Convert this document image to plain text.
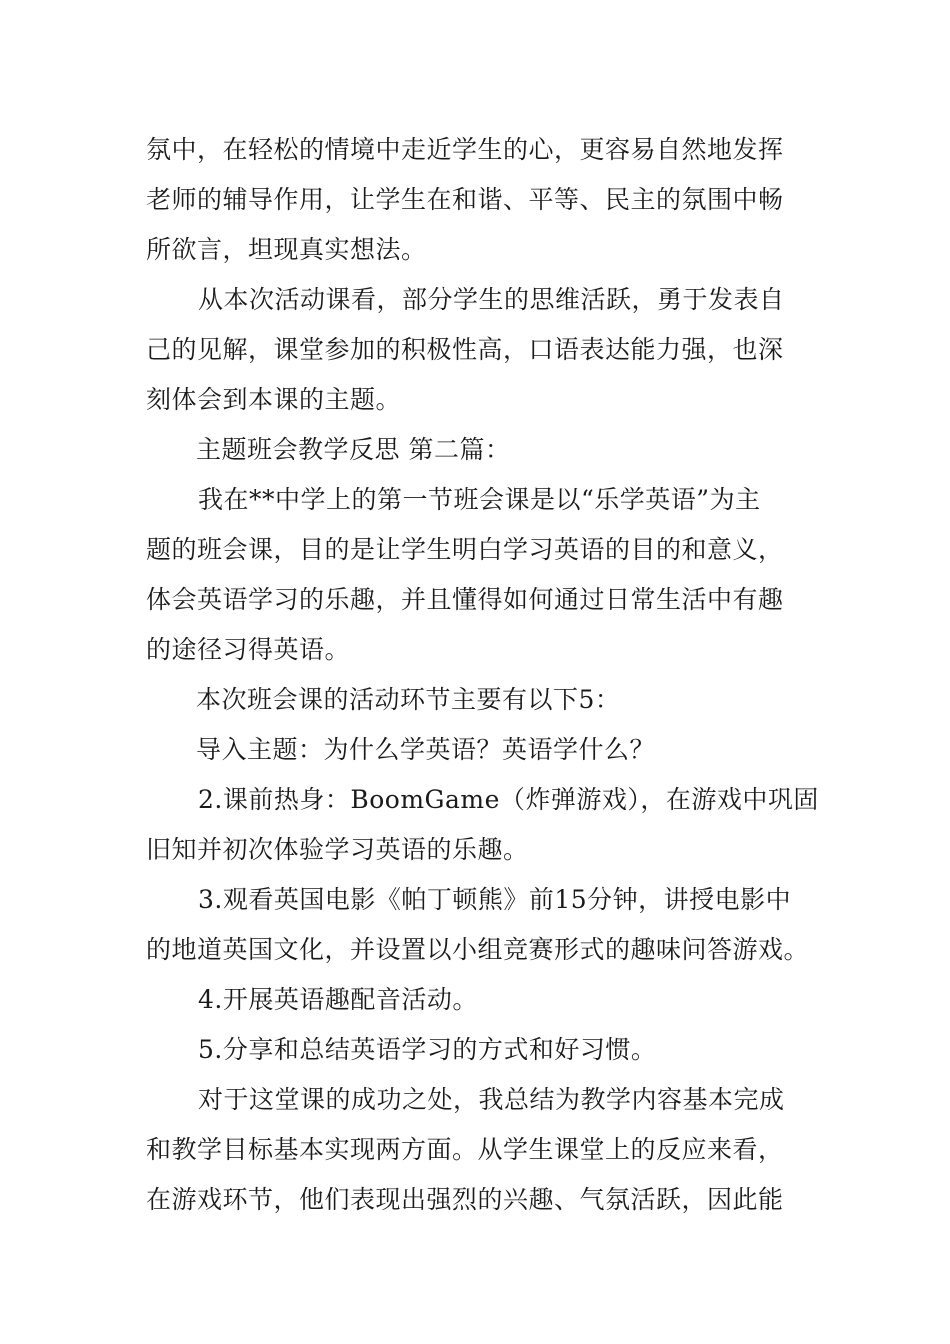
氛中，在轻松的情境中走近学生的心，更容易自然地发挥
老师的辅导作用，让学生在和谐、平等、民主的氛围中畅
所欲言，坦现真实想法。
从本次活动课看，部分学生的思维活跃，勇于发表自
己的见解，课堂参加的积极性高，口语表达能力强，也深
刻体会到本课的主题。
主题班会教学反思 第二篇：
我在**中学上的第一节班会课是以“乐学英语”为主
题的班会课，目的是让学生明白学习英语的目的和意义，
体会英语学习的乐趣，并且懂得如何通过日常生活中有趣
的途径习得英语。
本次班会课的活动环节主要有以下5：
导入主题：为什么学英语？英语学什么？
2.课前热身：BoomGame（炸弹游戏），在游戏中巩固
旧知并初次体验学习英语的乐趣。
3.观看英国电影《帕丁顿熊》前15分钟，讲授电影中
的地道英国文化，并设置以小组竞赛形式的趣味问答游戏。
4.开展英语趣配音活动。
5.分享和总结英语学习的方式和好习惯。
对于这堂课的成功之处，我总结为教学内容基本完成
和教学目标基本实现两方面。从学生课堂上的反应来看，
在游戏环节，他们表现出强烈的兴趣、气氛活跃，因此能
